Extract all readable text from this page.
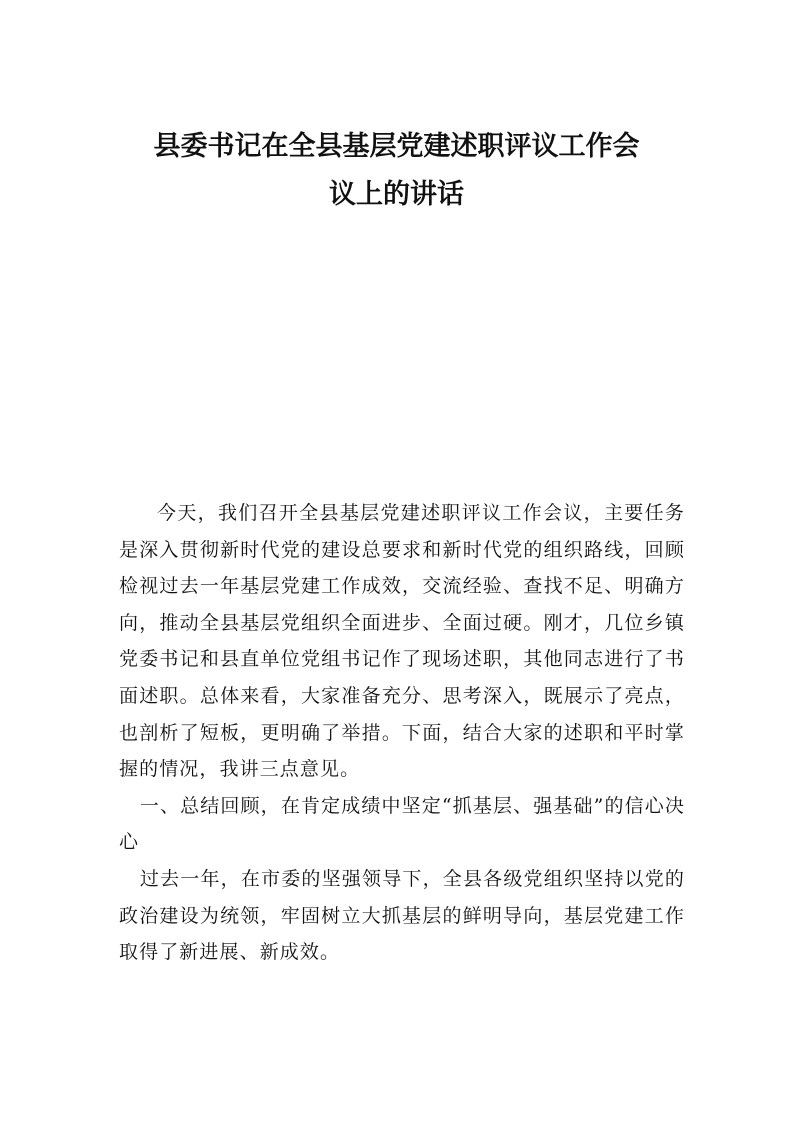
县委书记在全县基层党建述职评议工作会
议上的讲话

今天，我们召开全县基层党建述职评议工作会议，主要任务是深入贯彻新时代党的建设总要求和新时代党的组织路线，回顾检视过去一年基层党建工作成效，交流经验、查找不足、明确方向，推动全县基层党组织全面进步、全面过硬。刚才，几位乡镇党委书记和县直单位党组书记作了现场述职，其他同志进行了书面述职。总体来看，大家准备充分、思考深入，既展示了亮点，也剖析了短板，更明确了举措。下面，结合大家的述职和平时掌握的情况，我讲三点意见。

一、总结回顾，在肯定成绩中坚定“抓基层、强基础”的信心决心

过去一年，在市委的坚强领导下，全县各级党组织坚持以党的政治建设为统领，牢固树立大抓基层的鲜明导向，基层党建工作取得了新进展、新成效。
